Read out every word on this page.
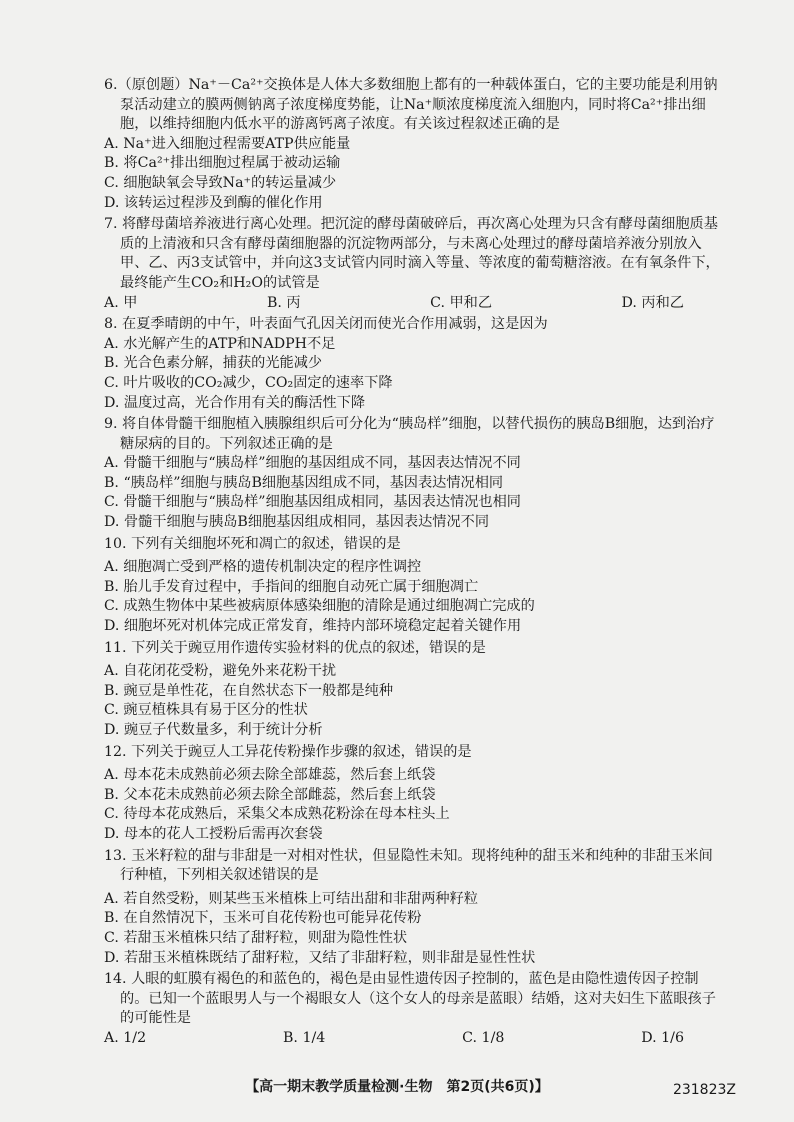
6.（原创题）Na⁺－Ca²⁺交换体是人体大多数细胞上都有的一种载体蛋白，它的主要功能是利用钠泵活动建立的膜两侧钠离子浓度梯度势能，让Na⁺顺浓度梯度流入细胞内，同时将Ca²⁺排出细胞，以维持细胞内低水平的游离钙离子浓度。有关该过程叙述正确的是

A. Na⁺进入细胞过程需要ATP供应能量

B. 将Ca²⁺排出细胞过程属于被动运输

C. 细胞缺氧会导致Na⁺的转运量减少

D. 该转运过程涉及到酶的催化作用

7. 将酵母菌培养液进行离心处理。把沉淀的酵母菌破碎后，再次离心处理为只含有酵母菌细胞质基质的上清液和只含有酵母菌细胞器的沉淀物两部分，与未离心处理过的酵母菌培养液分别放入甲、乙、丙3支试管中，并向这3支试管内同时滴入等量、等浓度的葡萄糖溶液。在有氧条件下，最终能产生CO₂和H₂O的试管是

A. 甲	B. 丙	C. 甲和乙	D. 丙和乙

8. 在夏季晴朗的中午，叶表面气孔因关闭而使光合作用减弱，这是因为

A. 水光解产生的ATP和NADPH不足

B. 光合色素分解，捕获的光能减少

C. 叶片吸收的CO₂减少，CO₂固定的速率下降

D. 温度过高，光合作用有关的酶活性下降

9. 将自体骨髓干细胞植入胰腺组织后可分化为“胰岛样”细胞，以替代损伤的胰岛B细胞，达到治疗糖尿病的目的。下列叙述正确的是

A. 骨髓干细胞与“胰岛样”细胞的基因组成不同，基因表达情况不同

B. “胰岛样”细胞与胰岛B细胞基因组成不同，基因表达情况相同

C. 骨髓干细胞与“胰岛样”细胞基因组成相同，基因表达情况也相同

D. 骨髓干细胞与胰岛B细胞基因组成相同，基因表达情况不同

10. 下列有关细胞坏死和凋亡的叙述，错误的是

A. 细胞凋亡受到严格的遗传机制决定的程序性调控

B. 胎儿手发育过程中，手指间的细胞自动死亡属于细胞凋亡

C. 成熟生物体中某些被病原体感染细胞的清除是通过细胞凋亡完成的

D. 细胞坏死对机体完成正常发育，维持内部环境稳定起着关键作用

11. 下列关于豌豆用作遗传实验材料的优点的叙述，错误的是

A. 自花闭花受粉，避免外来花粉干扰

B. 豌豆是单性花，在自然状态下一般都是纯种

C. 豌豆植株具有易于区分的性状

D. 豌豆子代数量多，利于统计分析

12. 下列关于豌豆人工异花传粉操作步骤的叙述，错误的是

A. 母本花未成熟前必须去除全部雄蕊，然后套上纸袋

B. 父本花未成熟前必须去除全部雌蕊，然后套上纸袋

C. 待母本花成熟后，采集父本成熟花粉涂在母本柱头上

D. 母本的花人工授粉后需再次套袋

13. 玉米籽粒的甜与非甜是一对相对性状，但显隐性未知。现将纯种的甜玉米和纯种的非甜玉米间行种植，下列相关叙述错误的是

A. 若自然受粉，则某些玉米植株上可结出甜和非甜两种籽粒

B. 在自然情况下，玉米可自花传粉也可能异花传粉

C. 若甜玉米植株只结了甜籽粒，则甜为隐性性状

D. 若甜玉米植株既结了甜籽粒，又结了非甜籽粒，则非甜是显性性状

14. 人眼的虹膜有褐色的和蓝色的，褐色是由显性遗传因子控制的，蓝色是由隐性遗传因子控制的。已知一个蓝眼男人与一个褐眼女人（这个女人的母亲是蓝眼）结婚，这对夫妇生下蓝眼孩子的可能性是

A. 1/2	B. 1/4	C. 1/8	D. 1/6
【高一期末教学质量检测·生物　第2页(共6页)】	231823Z
